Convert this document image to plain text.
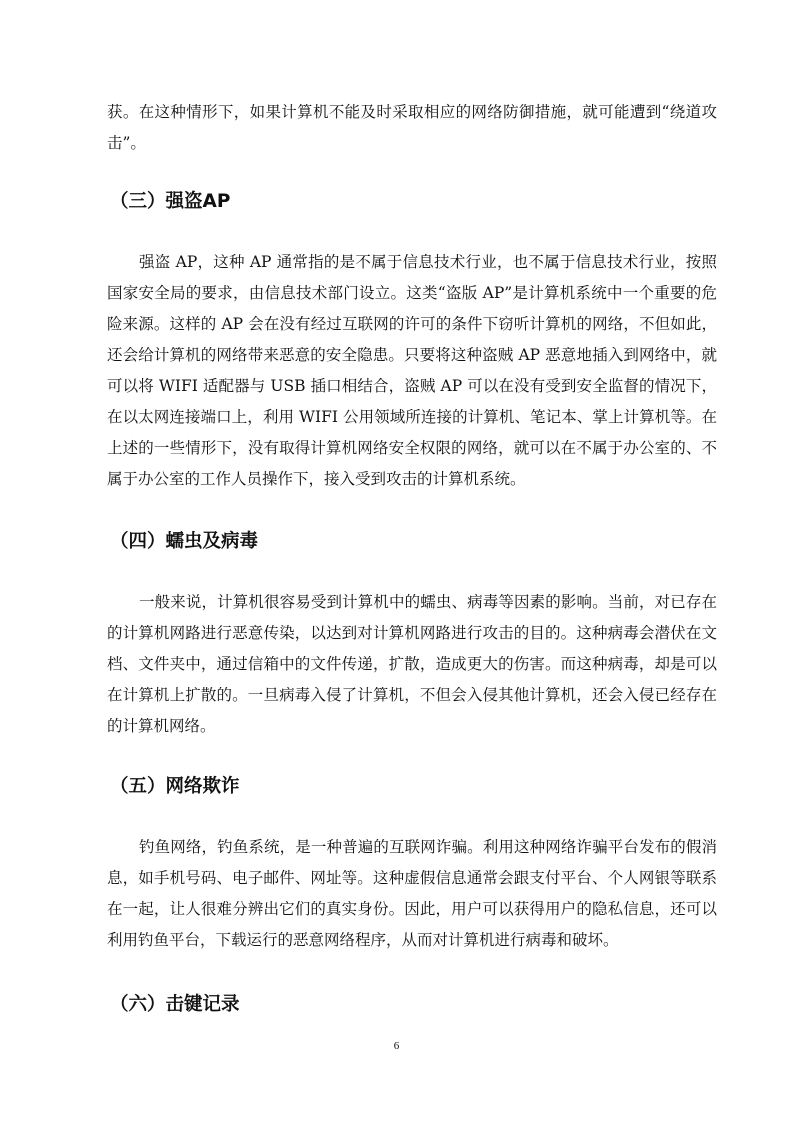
获。在这种情形下，如果计算机不能及时采取相应的网络防御措施，就可能遭到“绕道攻击”。

（三）强盗AP

强盗 AP，这种 AP 通常指的是不属于信息技术行业，也不属于信息技术行业，按照国家安全局的要求，由信息技术部门设立。这类“盗版 AP”是计算机系统中一个重要的危险来源。这样的 AP 会在没有经过互联网的许可的条件下窃听计算机的网络，不但如此，还会给计算机的网络带来恶意的安全隐患。只要将这种盗贼 AP 恶意地插入到网络中，就可以将 WIFI 适配器与 USB 插口相结合，盗贼 AP 可以在没有受到安全监督的情况下，在以太网连接端口上，利用 WIFI 公用领域所连接的计算机、笔记本、掌上计算机等。在上述的一些情形下，没有取得计算机网络安全权限的网络，就可以在不属于办公室的、不属于办公室的工作人员操作下，接入受到攻击的计算机系统。

（四）蠕虫及病毒

一般来说，计算机很容易受到计算机中的蠕虫、病毒等因素的影响。当前，对已存在的计算机网路进行恶意传染，以达到对计算机网路进行攻击的目的。这种病毒会潜伏在文档、文件夹中，通过信箱中的文件传递，扩散，造成更大的伤害。而这种病毒，却是可以在计算机上扩散的。一旦病毒入侵了计算机，不但会入侵其他计算机，还会入侵已经存在的计算机网络。

（五）网络欺诈

钓鱼网络，钓鱼系统，是一种普遍的互联网诈骗。利用这种网络诈骗平台发布的假消息，如手机号码、电子邮件、网址等。这种虚假信息通常会跟支付平台、个人网银等联系在一起，让人很难分辨出它们的真实身份。因此，用户可以获得用户的隐私信息，还可以利用钓鱼平台，下载运行的恶意网络程序，从而对计算机进行病毒和破坏。

（六）击键记录
6
